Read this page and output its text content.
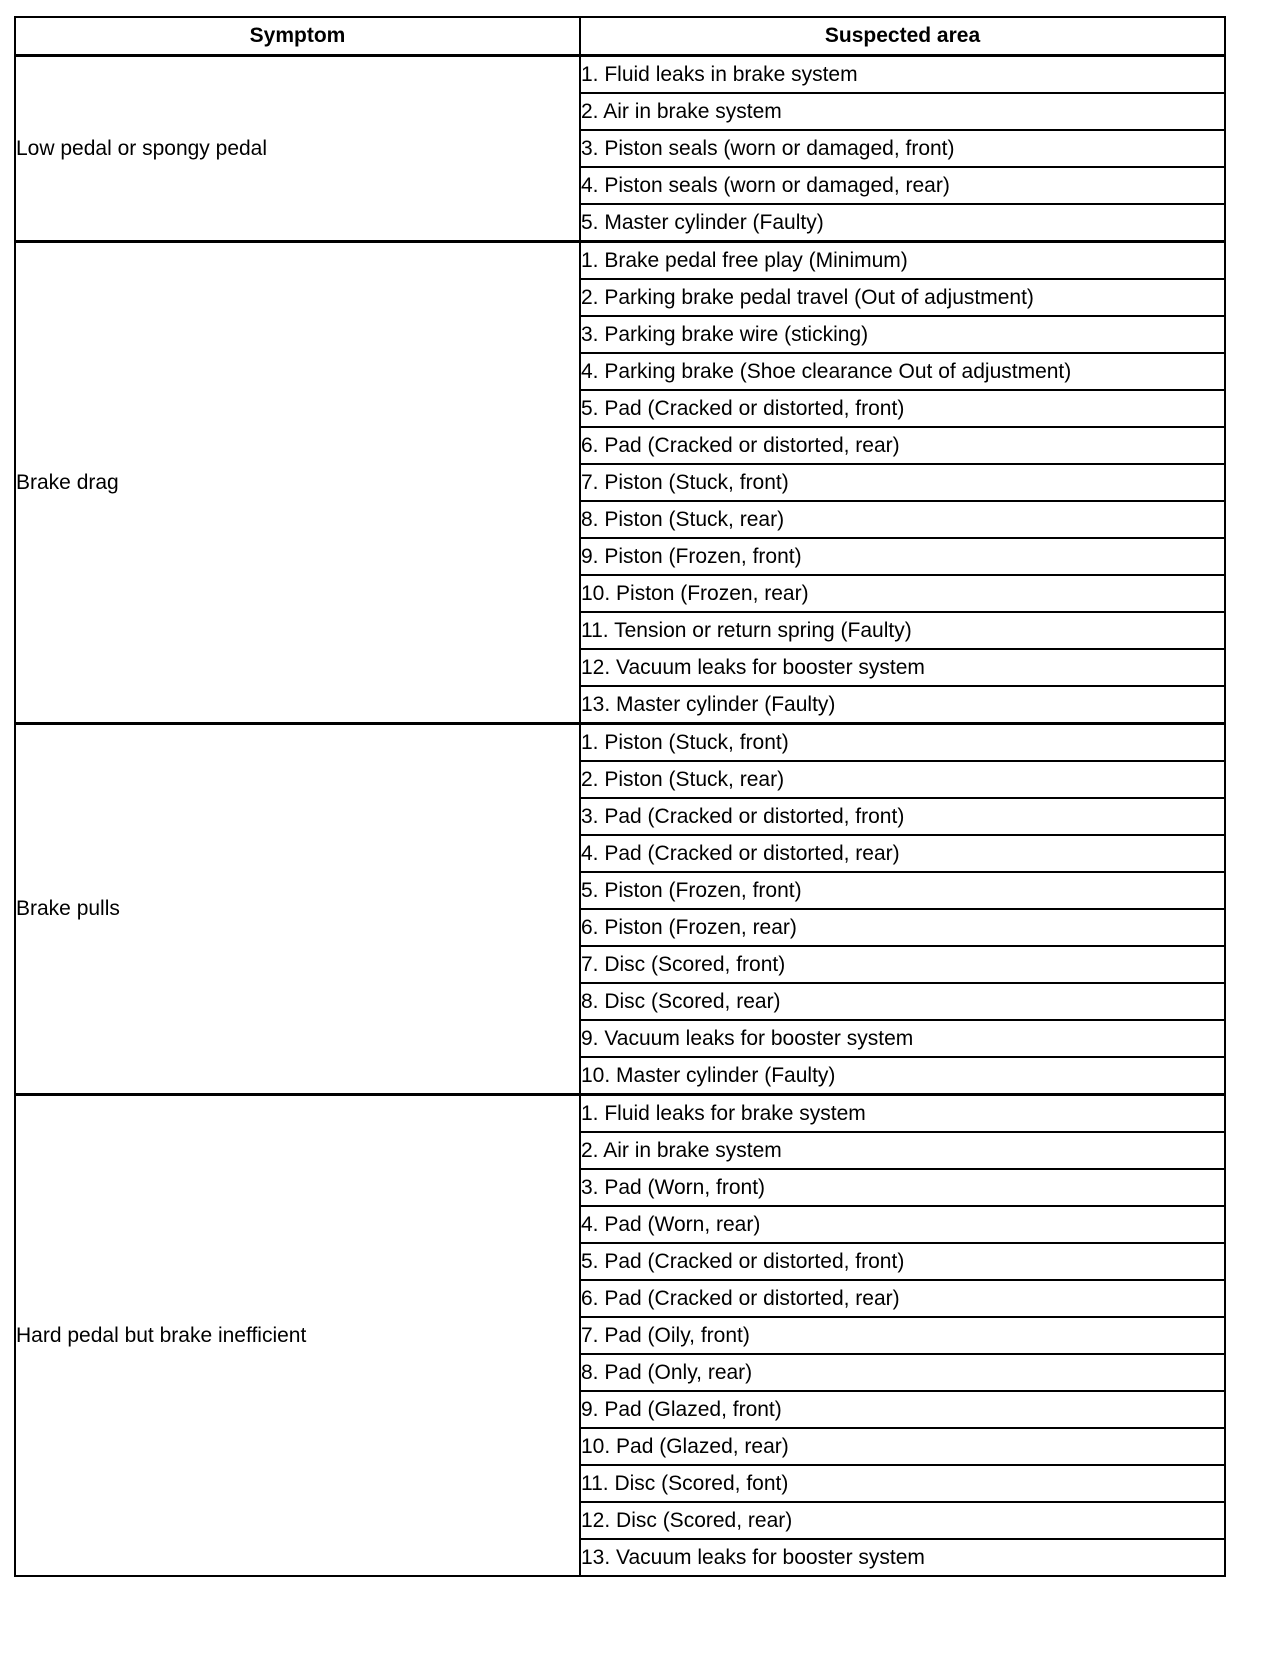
Symptom	Suspected area
Low pedal or spongy pedal	1. Fluid leaks in brake system
	2. Air in brake system
	3. Piston seals (worn or damaged, front)
	4. Piston seals (worn or damaged, rear)
	5. Master cylinder (Faulty)
Brake drag	1. Brake pedal free play (Minimum)
	2. Parking brake pedal travel (Out of adjustment)
	3. Parking brake wire (sticking)
	4. Parking brake (Shoe clearance Out of adjustment)
	5. Pad (Cracked or distorted, front)
	6. Pad (Cracked or distorted, rear)
	7. Piston (Stuck, front)
	8. Piston (Stuck, rear)
	9. Piston (Frozen, front)
	10. Piston (Frozen, rear)
	11. Tension or return spring (Faulty)
	12. Vacuum leaks for booster system
	13. Master cylinder (Faulty)
Brake pulls	1. Piston (Stuck, front)
	2. Piston (Stuck, rear)
	3. Pad (Cracked or distorted, front)
	4. Pad (Cracked or distorted, rear)
	5. Piston (Frozen, front)
	6. Piston (Frozen, rear)
	7. Disc (Scored, front)
	8. Disc (Scored, rear)
	9. Vacuum leaks for booster system
	10. Master cylinder (Faulty)
Hard pedal but brake inefficient	1. Fluid leaks for brake system
	2. Air in brake system
	3. Pad (Worn, front)
	4. Pad (Worn, rear)
	5. Pad (Cracked or distorted, front)
	6. Pad (Cracked or distorted, rear)
	7. Pad (Oily, front)
	8. Pad (Only, rear)
	9. Pad (Glazed, front)
	10. Pad (Glazed, rear)
	11. Disc (Scored, font)
	12. Disc (Scored, rear)
	13. Vacuum leaks for booster system
